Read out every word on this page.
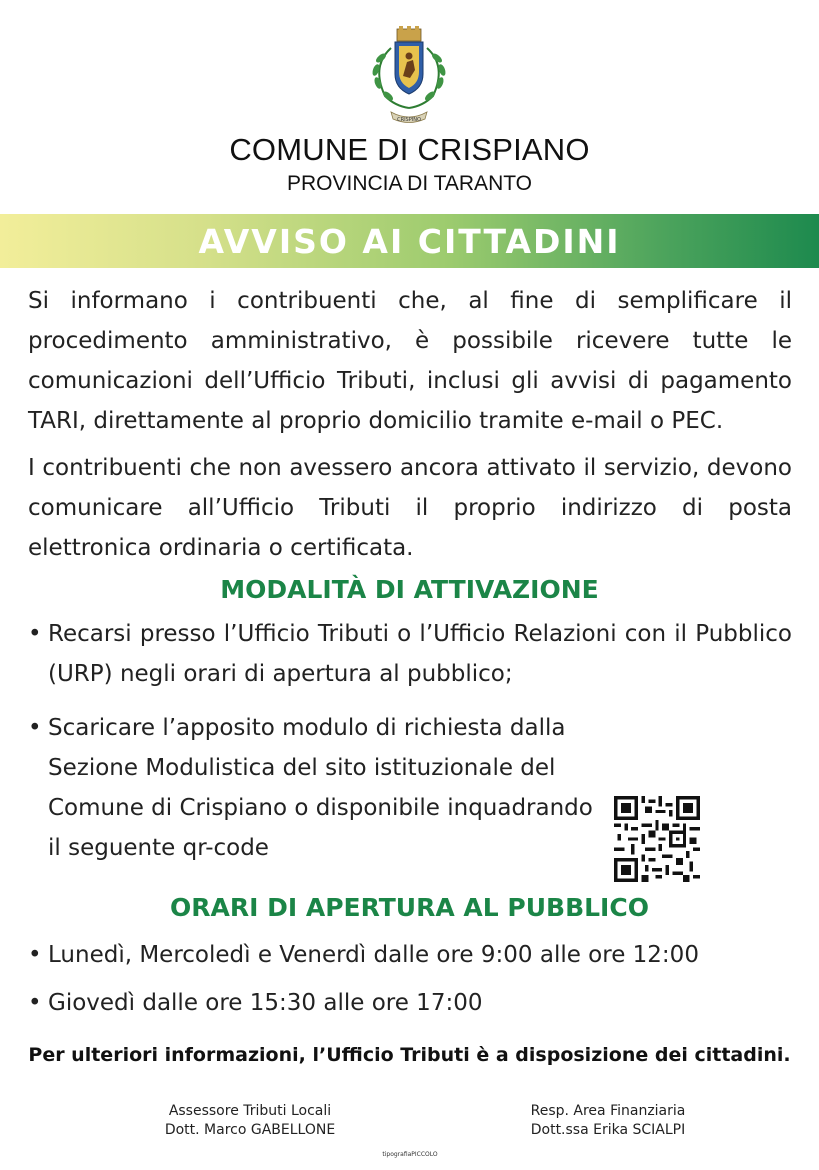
CRISPINO
COMUNE DI CRISPIANO
PROVINCIA DI TARANTO
AVVISO AI CITTADINI
Si informano i contribuenti che, al fine di semplificare il procedimento amministrativo, è possibile ricevere tutte le comunicazioni dell’Ufficio Tributi, inclusi gli avvisi di pagamento TARI, direttamente al proprio domicilio tramite e-mail o PEC.
I contribuenti che non avessero ancora attivato il servizio, devono comunicare all’Ufficio Tributi il proprio indirizzo di posta elettronica ordinaria o certificata.
MODALITÀ DI ATTIVAZIONE
• Recarsi presso l’Ufficio Tributi o l’Ufficio Relazioni con il Pubblico (URP) negli orari di apertura al pubblico;
• Scaricare l’apposito modulo di richiesta dalla Sezione Modulistica del sito istituzionale del Comune di Crispiano o disponibile inquadrando il seguente qr-code
ORARI DI APERTURA AL PUBBLICO
• Lunedì, Mercoledì e Venerdì dalle ore 9:00 alle ore 12:00
• Giovedì dalle ore 15:30 alle ore 17:00
Per ulteriori informazioni, l’Ufficio Tributi è a disposizione dei cittadini.
Assessore Tributi Locali
Dott. Marco GABELLONE
Resp. Area Finanziaria
Dott.ssa Erika SCIALPI
tipografiaPICCOLO
